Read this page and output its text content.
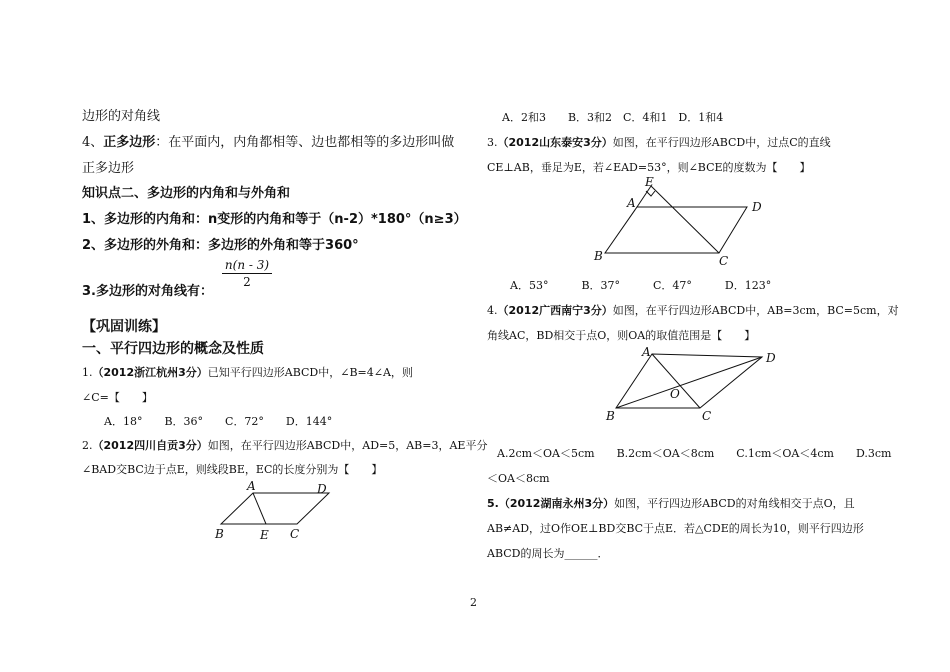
边形的对角线
4、正多边形：在平面内，内角都相等、边也都相等的多边形叫做
正多边形
知识点二、多边形的内角和与外角和
1、多边形的内角和：n变形的内角和等于（n-2）*180°（n≥3）
2、多边形的外角和：多边形的外角和等于360°
3.多边形的对角线有：
n(n - 3)
2
【巩固训练】
一、平行四边形的概念及性质
1.（2012浙江杭州3分）已知平行四边形ABCD中，∠B=4∠A，则
∠C=【　　】
A．18°　　B．36°　　C．72°　　D．144°
2.（2012四川自贡3分）如图，在平行四边形ABCD中，AD=5，AB=3，AE平分
∠BAD交BC边于点E，则线段BE，EC的长度分别为【　　】
A	D
B	E C
A．2和3　　B．3和2　C．4和1　D．1和4
3.（2012山东泰安3分）如图，在平行四边形ABCD中，过点C的直线
CE⊥AB，垂足为E，若∠EAD=53°，则∠BCE的度数为【　　】
E
A	D
B	C
A．53°　　　B．37°　　　C．47°　　　D．123°
4.（2012广西南宁3分）如图，在平行四边形ABCD中，AB=3cm，BC=5cm，对
角线AC，BD相交于点O，则OA的取值范围是【　　】
A	D
O
B	C
A.2cm＜OA＜5cm　　B.2cm＜OA＜8cm　　C.1cm＜OA＜4cm　　D.3cm
＜OA＜8cm
5.（2012湖南永州3分）如图，平行四边形ABCD的对角线相交于点O，且
AB≠AD，过O作OE⊥BD交BC于点E．若△CDE的周长为10，则平行四边形
ABCD的周长为______．
2
